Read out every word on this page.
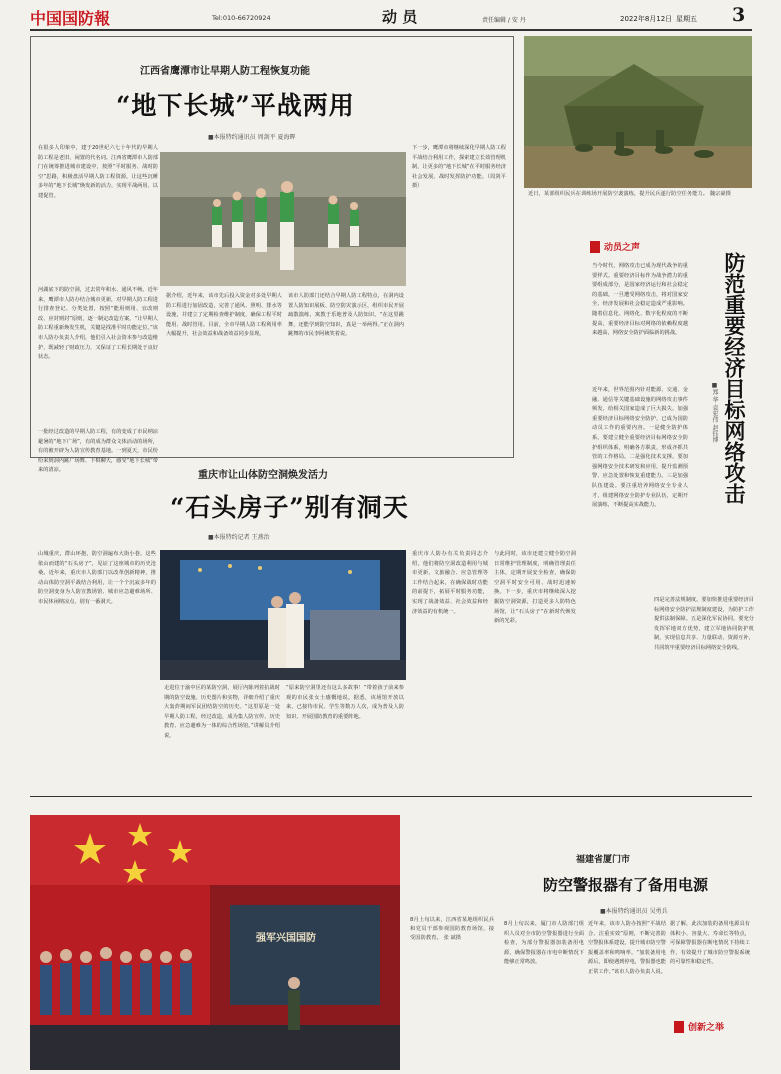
中国国防報	Tel:010-66720924	动 员	责任编辑 / 安 丹	2022年8月12日 星期五 3
江西省鹰潭市让早期人防工程恢复功能
“地下长城”平战两用
■本报特约通讯员 周剑平 夏海晖
在很多人印象中，建于20世纪六七十年代的早期人防工程是老旧、闲置的代名词。江西省鹰潭市人防部门在统筹推进城市建设中，按照“平时服务、战时防空”思路，积极盘活早期人防工程资源，让这些沉睡多年的“地下长城”焕发新的活力，实现平战两用、以建促管。
河湖底下的防空洞，过去常年积水、通风不畅。近年来，鹰潭市人防办结合城市更新，对早期人防工程进行排查登记、分类处置，按照“能用则用、宜改则改、应封则封”原则，逐一制定改造方案。“让早期人防工程重新焕发生机，关键是找准平时功能定位。”该市人防办负责人介绍，他们引入社会资本参与改造维护，既减轻了财政压力，又保证了工程长期处于良好状态。
一批经过改造的早期人防工程，有的变成了市民纳凉避暑的“地下广场”，有的成为群众文体活动的场所，有的被开辟为人防宣传教育基地。一到夏天，市民纷纷来到洞内跳广场舞、下棋聊天，感受“地下长城”带来的清凉。
据介绍，近年来，该市先后投入资金对多处早期人防工程进行加固改造，完善了通风、照明、排水等设施，并建立了定期检查维护制度，确保工程平时能用、战时管用。目前，全市早期人防工程利用率大幅提升，社会效益和战备效益同步显现。
该市人防部门还结合早期人防工程特点，在洞内设置人防知识展板、防空防灾演示区，组织市民开展疏散演练，寓教于乐地普及人防知识。“在这里跳舞，还能学到防空知识，真是一举两得。”正在洞内跳舞的市民李阿姨笑着说。
下一步，鹰潭市将继续深化早期人防工程平战结合利用工作，探索建立长效管理机制，让更多的“地下长城”在平时服务经济社会发展、战时发挥防护功能。（周剑平 摄）
近日，某部组织民兵在训练场开展防空袭演练，提升民兵遂行防空任务能力。 魏宗豪摄
动员之声
当今时代，网络攻击已成为现代战争的重要样式。重要经济目标作为战争潜力的重要组成部分，是国家经济运行和社会稳定的基础，一旦遭受网络攻击，将对国家安全、经济发展和社会稳定造成严重影响。随着信息化、网络化、数字化程度的不断提高，重要经济目标对网络的依赖程度越来越高，网络安全防护面临新的挑战。
近年来，世界范围内针对能源、交通、金融、通信等关键基础设施的网络攻击事件频发，给相关国家造成了巨大损失。加强重要经济目标网络安全防护，已成为国防动员工作的重要内容。一是健全防护体系。要建立健全重要经济目标网络安全防护组织体系，明确各方职责，形成齐抓共管的工作格局。二是强化技术支撑。要加强网络安全技术研发和应用，提升监测预警、应急处置和恢复重建能力。三是加强队伍建设。要注重培养网络安全专业人才，组建网络安全防护专业队伍，定期开展演练，不断提高实战能力。
四是完善法规制度。要加快推进重要经济目标网络安全防护法规制度建设，为防护工作提供法制保障。五是深化军民协同。要充分发挥军地双方优势，建立军地协同防护机制，实现信息共享、力量联动、资源互补，共同筑牢重要经济目标网络安全防线。
防范重要经济目标网络攻击
■郑 华 袁宏伟 赵钰博
重庆市让山体防空洞焕发活力
“石头房子”别有洞天
■本报特约记者 王燕治
山城重庆，群山环抱，防空洞遍布大街小巷。这些依山而建的“石头房子”，见证了这座城市的历史沧桑。近年来，重庆市人防部门以改革创新精神，推动山体防空洞平战结合利用，让一个个沉寂多年的防空洞变身为人防宣教场馆、城市应急避难场所、市民休闲纳凉点，别有一番洞天。
走进位于渝中区的某防空洞，展厅内陈列着抗战时期的防空设施、历史图片和实物，详细介绍了重庆大轰炸期间军民团结防空的历史。“这里原是一处早期人防工程，经过改造，成为集人防宣传、历史教育、应急避难为一体的综合性场馆。”讲解员介绍说。
“原来防空洞里还有这么多故事！”带着孩子前来参观的市民张女士感慨地说。据悉，该场馆开放以来，已接待市民、学生等数万人次，成为普及人防知识、开展国防教育的重要阵地。
重庆市人防办有关负责同志介绍，他们将防空洞改造利用与城市更新、文旅融合、应急管理等工作结合起来，在确保战时功能的前提下，拓展平时服务功能，实现了战备效益、社会效益和经济效益的有机统一。
与此同时，该市还建立健全防空洞日常维护管理制度，明确管理责任主体，定期开展安全检查，确保防空洞平时安全可用、战时迅速转换。下一步，重庆市将继续深入挖掘防空洞资源，打造更多人防特色场馆，让“石头房子”在新时代焕发新的光彩。
强军兴国国防
8月上旬以来，江西省某地组织民兵和党员干部参观国防教育场馆，接受国防教育。 张 斌摄
福建省厦门市
防空警报器有了备用电源
■本报特约通讯员 吴勇兵
8月上旬以来，厦门市人防部门组织人员对全市防空警报器进行全面检查，为部分警报器加装备用电源，确保警报器在市电中断情况下能够正常鸣放。
近年来，该市人防办按照“平战结合、注重实效”原则，不断完善防空警报体系建设，提升城市防空警报覆盖率和鸣响率。“加装备用电源后，即使遇到停电，警报器也能正常工作。”该市人防办负责人说。
据了解，此次加装的备用电源具有体积小、容量大、寿命长等特点，可保障警报器在断电情况下持续工作，有效提升了城市防空警报系统的可靠性和稳定性。
创新之举
